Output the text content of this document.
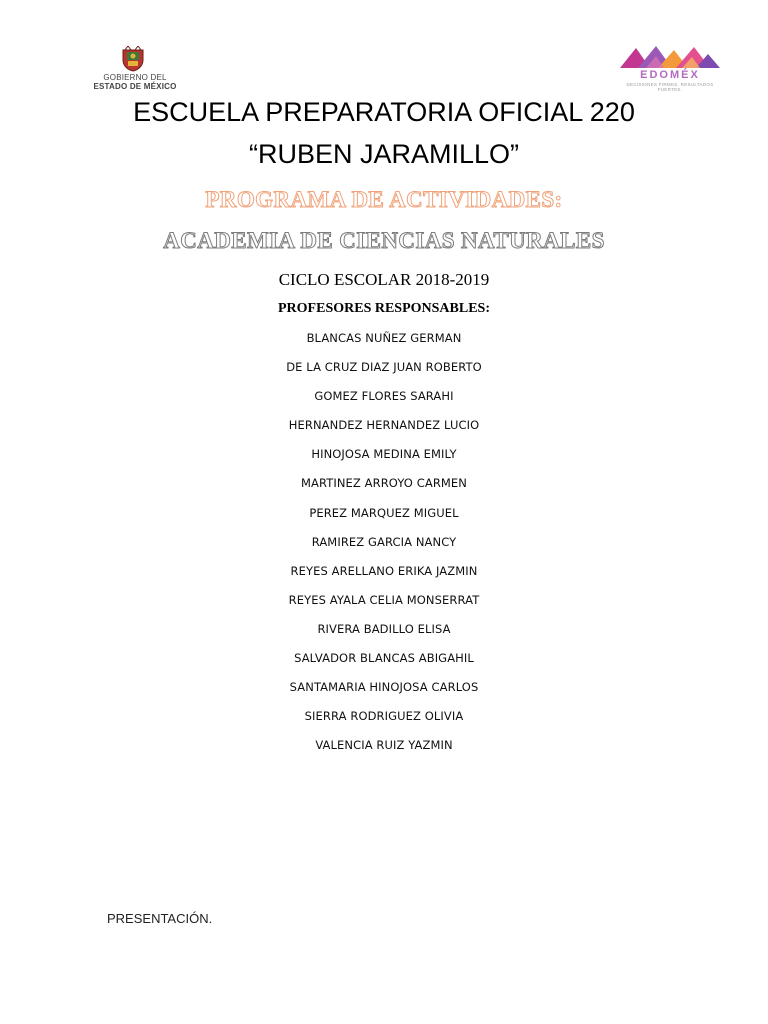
GOBIERNO DEL
ESTADO DE MÉXICO
EDOMÉX
DECISIONES FIRMES, RESULTADOS FUERTES.
ESCUELA PREPARATORIA OFICIAL 220
“RUBEN JARAMILLO”
PROGRAMA DE ACTIVIDADES:
ACADEMIA DE CIENCIAS NATURALES
CICLO ESCOLAR 2018-2019
PROFESORES RESPONSABLES:
BLANCAS NUÑEZ GERMAN
DE LA CRUZ DIAZ JUAN ROBERTO
GOMEZ FLORES SARAHI
HERNANDEZ HERNANDEZ LUCIO
HINOJOSA MEDINA EMILY
MARTINEZ ARROYO CARMEN
PEREZ MARQUEZ MIGUEL
RAMIREZ GARCIA NANCY
REYES ARELLANO ERIKA JAZMIN
REYES AYALA CELIA MONSERRAT
RIVERA BADILLO ELISA
SALVADOR BLANCAS ABIGAHIL
SANTAMARIA HINOJOSA CARLOS
SIERRA RODRIGUEZ OLIVIA
VALENCIA RUIZ YAZMIN
PRESENTACIÓN.
